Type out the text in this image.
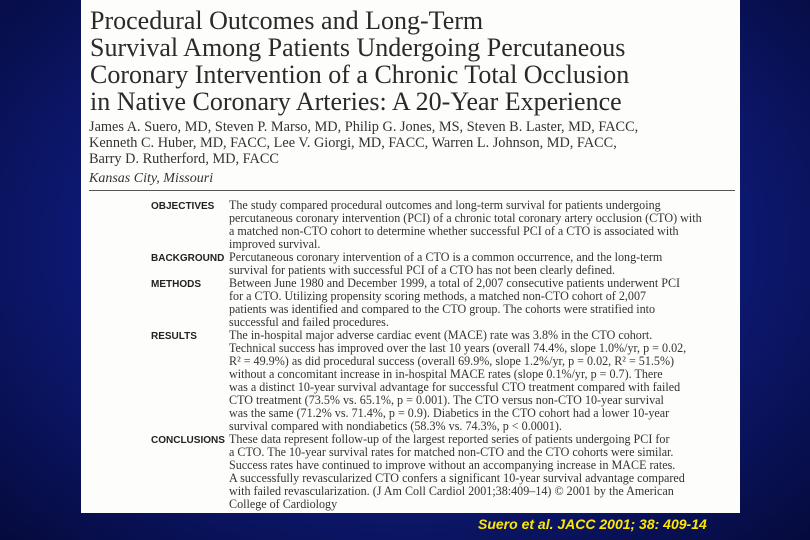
Procedural Outcomes and Long-Term
Survival Among Patients Undergoing Percutaneous
Coronary Intervention of a Chronic Total Occlusion
in Native Coronary Arteries: A 20-Year Experience
James A. Suero, MD, Steven P. Marso, MD, Philip G. Jones, MS, Steven B. Laster, MD, FACC,
Kenneth C. Huber, MD, FACC, Lee V. Giorgi, MD, FACC, Warren L. Johnson, MD, FACC,
Barry D. Rutherford, MD, FACC
Kansas City, Missouri
OBJECTIVES The study compared procedural outcomes and long-term survival for patients undergoing
percutaneous coronary intervention (PCI) of a chronic total coronary artery occlusion (CTO) with
a matched non-CTO cohort to determine whether successful PCI of a CTO is associated with
improved survival.
BACKGROUND Percutaneous coronary intervention of a CTO is a common occurrence, and the long-term
survival for patients with successful PCI of a CTO has not been clearly defined.
METHODS Between June 1980 and December 1999, a total of 2,007 consecutive patients underwent PCI
for a CTO. Utilizing propensity scoring methods, a matched non-CTO cohort of 2,007
patients was identified and compared to the CTO group. The cohorts were stratified into
successful and failed procedures.
RESULTS	The in-hospital major adverse cardiac event (MACE) rate was 3.8% in the CTO cohort.
Technical success has improved over the last 10 years (overall 74.4%, slope 1.0%/yr, p = 0.02,
R² = 49.9%) as did procedural success (overall 69.9%, slope 1.2%/yr, p = 0.02, R² = 51.5%)
without a concomitant increase in in-hospital MACE rates (slope 0.1%/yr, p = 0.7). There
was a distinct 10-year survival advantage for successful CTO treatment compared with failed
CTO treatment (73.5% vs. 65.1%, p = 0.001). The CTO versus non-CTO 10-year survival
was the same (71.2% vs. 71.4%, p = 0.9). Diabetics in the CTO cohort had a lower 10-year
survival compared with nondiabetics (58.3% vs. 74.3%, p < 0.0001).
CONCLUSIONS These data represent follow-up of the largest reported series of patients undergoing PCI for
a CTO. The 10-year survival rates for matched non-CTO and the CTO cohorts were similar.
Success rates have continued to improve without an accompanying increase in MACE rates.
A successfully revascularized CTO confers a significant 10-year survival advantage compared
with failed revascularization. (J Am Coll Cardiol 2001;38:409–14) © 2001 by the American
College of Cardiology
Suero et al. JACC 2001; 38: 409-14
